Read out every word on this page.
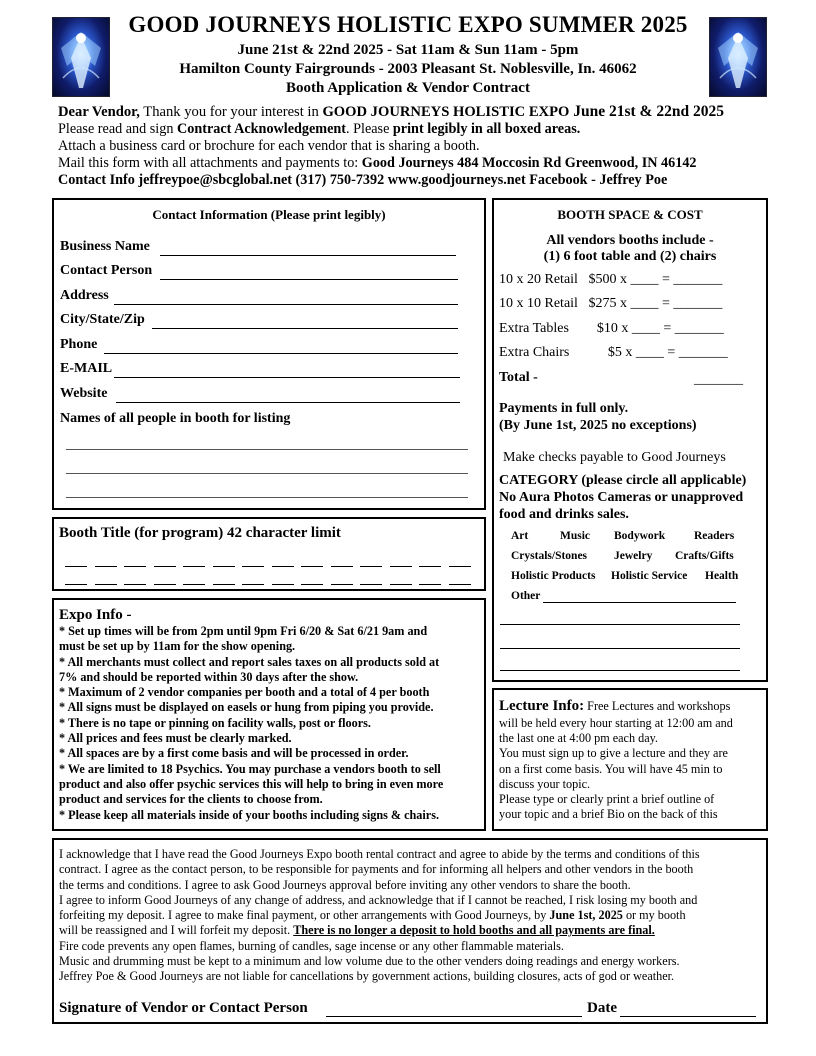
GOOD JOURNEYS HOLISTIC EXPO SUMMER 2025
June 21st & 22nd 2025 - Sat 11am & Sun 11am - 5pm
Hamilton County Fairgrounds - 2003 Pleasant St. Noblesville, In. 46062
Booth Application & Vendor Contract
Dear Vendor, Thank you for your interest in GOOD JOURNEYS HOLISTIC EXPO June 21st & 22nd 2025
Please read and sign Contract Acknowledgement. Please print legibly in all boxed areas.
Attach a business card or brochure for each vendor that is sharing a booth.
Mail this form with all attachments and payments to: Good Journeys 484 Moccosin Rd Greenwood, IN 46142
Contact Info jeffreypoe@sbcglobal.net (317) 750-7392 www.goodjourneys.net Facebook - Jeffrey Poe
Contact Information (Please print legibly)
Business Name
Contact Person
Address
City/State/Zip
Phone
E-MAIL
Website
Names of all people in booth for listing
Booth Title (for program) 42 character limit
Expo Info -
* Set up times will be from 2pm until 9pm Fri 6/20 & Sat 6/21 9am and
must be set up by 11am for the show opening.
* All merchants must collect and report sales taxes on all products sold at
7% and should be reported within 30 days after the show.
* Maximum of 2 vendor companies per booth and a total of 4 per booth
* All signs must be displayed on easels or hung from piping you provide.
* There is no tape or pinning on facility walls, post or floors.
* All prices and fees must be clearly marked.
* All spaces are by a first come basis and will be processed in order.
* We are limited to 18 Psychics. You may purchase a vendors booth to sell
product and also offer psychic services this will help to bring in even more
product and services for the clients to choose from.
* Please keep all materials inside of your booths including signs & chairs.
BOOTH SPACE & COST
All vendors booths include -
(1) 6 foot table and (2) chairs
10 x 20 Retail $500 x ____ = _______
10 x 10 Retail $275 x ____ = _______
Extra Tables $10 x ____ = _______
Extra Chairs	$5 x ____ = _______
Total -	_______
Payments in full only.
(By June 1st, 2025 no exceptions)
Make checks payable to Good Journeys
CATEGORY (please circle all applicable)
No Aura Photos Cameras or unapproved
food and drinks sales.
Art	Music Bodywork	Readers
Crystals/Stones Jewelry Crafts/Gifts
Holistic Products Holistic Service Health
Other
Lecture Info: Free Lectures and workshops
will be held every hour starting at 12:00 am and
the last one at 4:00 pm each day.
You must sign up to give a lecture and they are
on a first come basis. You will have 45 min to
discuss your topic.
Please type or clearly print a brief outline of
your topic and a brief Bio on the back of this
I acknowledge that I have read the Good Journeys Expo booth rental contract and agree to abide by the terms and conditions of this
contract. I agree as the contact person, to be responsible for payments and for informing all helpers and other vendors in the booth
the terms and conditions. I agree to ask Good Journeys approval before inviting any other vendors to share the booth.
I agree to inform Good Journeys of any change of address, and acknowledge that if I cannot be reached, I risk losing my booth and
forfeiting my deposit. I agree to make final payment, or other arrangements with Good Journeys, by June 1st, 2025 or my booth
will be reassigned and I will forfeit my deposit. There is no longer a deposit to hold booths and all payments are final.
Fire code prevents any open flames, burning of candles, sage incense or any other flammable materials.
Music and drumming must be kept to a minimum and low volume due to the other venders doing readings and energy workers.
Jeffrey Poe & Good Journeys are not liable for cancellations by government actions, building closures, acts of god or weather.
Signature of Vendor or Contact Person	Date
